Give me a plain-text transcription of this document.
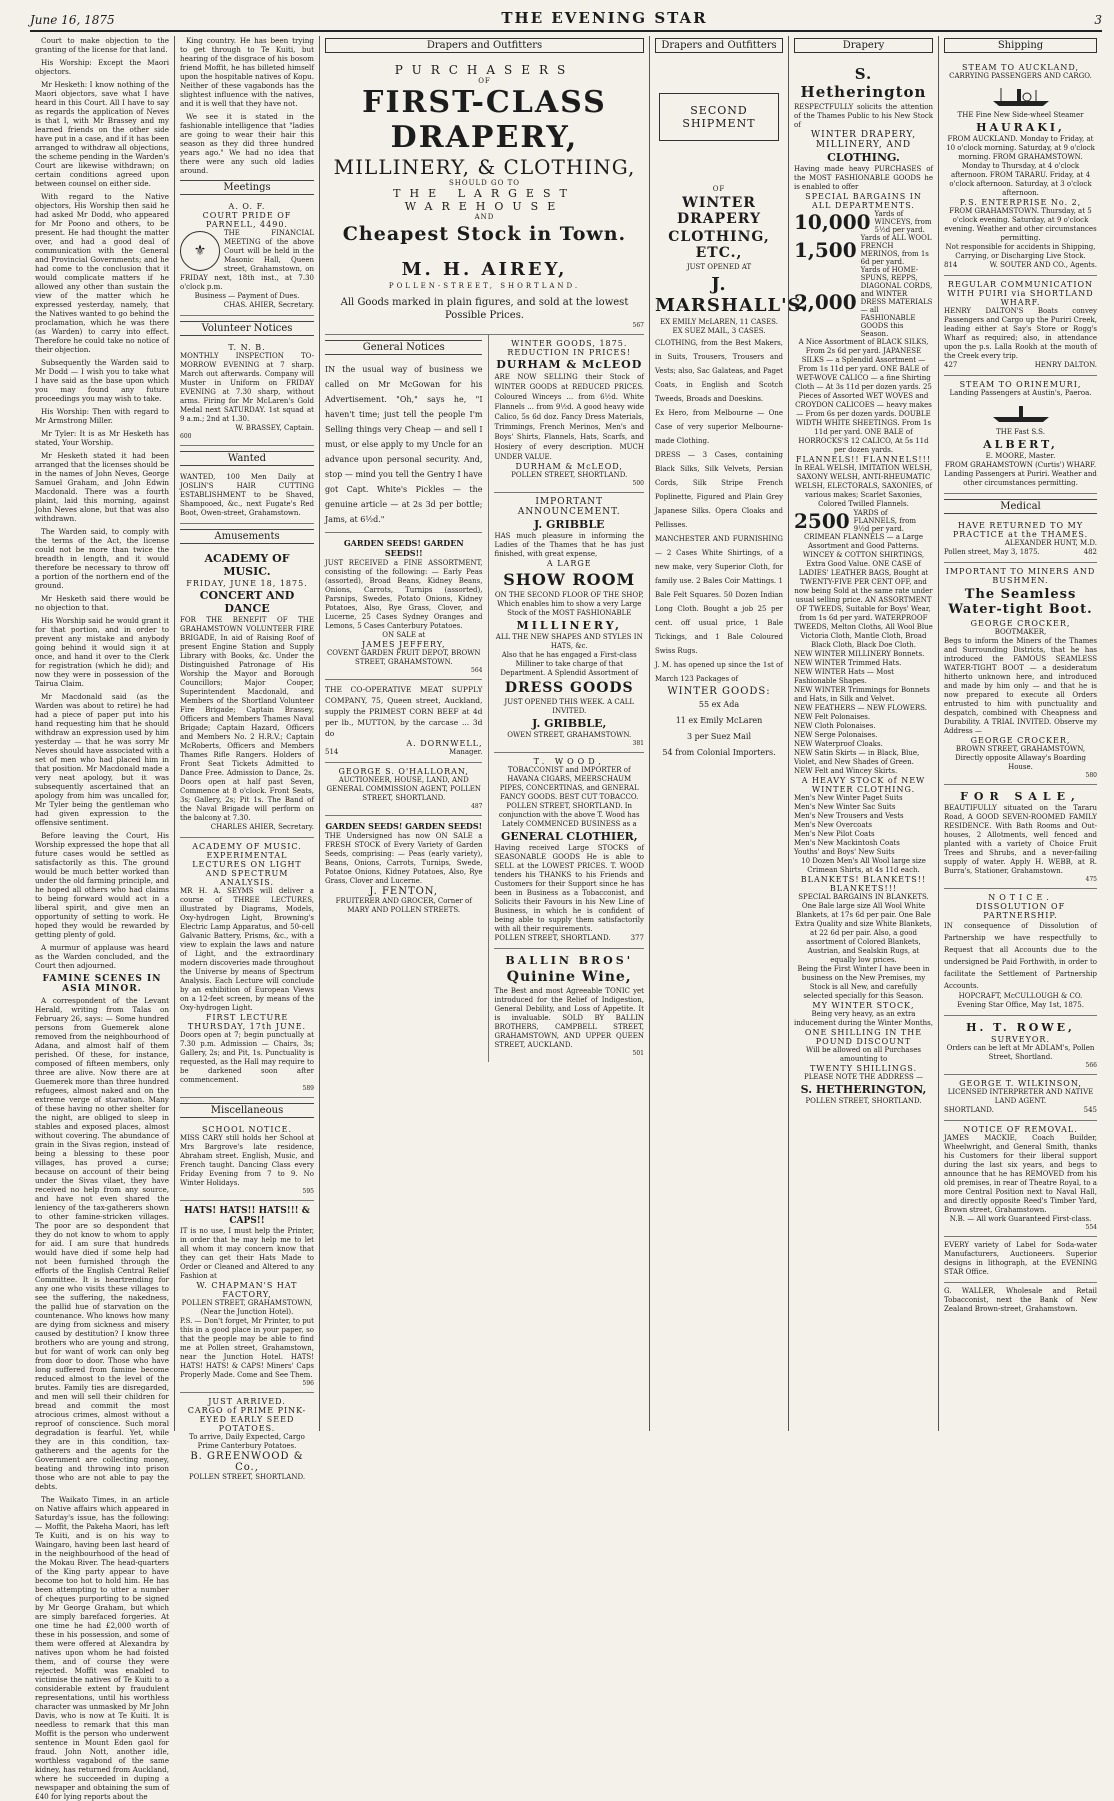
June 16, 1875	THE EVENING STAR	3

Court to make objection to the granting of the license for that land.

His Worship: Except the Maori objectors.

Mr Hesketh: I know nothing of the Maori objectors, save what I have heard in this Court. All I have to say as regards the application of Neves is that I, with Mr Brassey and my learned friends on the other side have put in a case, and if it has been arranged to withdraw all objections, the scheme pending in the Warden's Court are likewise withdrawn; on certain conditions agreed upon between counsel on either side.

With regard to the Native objectors, His Worship then said he had asked Mr Dodd, who appeared for Mr Poono and others, to be present. He had thought the matter over, and had a good deal of communication with the General and Provincial Governments; and he had come to the conclusion that it would complicate matters if he allowed any other than sustain the view of the matter which he expressed yesterday, namely, that the Natives wanted to go behind the proclamation, which he was there (as Warden) to carry into effect. Therefore he could take no notice of their objection.

Subsequently the Warden said to Mr Dodd — I wish you to take what I have said as the base upon which you may found any future proceedings you may wish to take.

His Worship: Then with regard to Mr Armstrong Miller.

Mr Tyler: It is as Mr Hesketh has stated, Your Worship.

Mr Hesketh stated it had been arranged that the licenses should be in the names of John Neves, George Samuel Graham, and John Edwin Macdonald. There was a fourth plaint, laid this morning, against John Neves alone, but that was also withdrawn.

The Warden said, to comply with the terms of the Act, the license could not be more than twice the breadth in length, and it would therefore be necessary to throw off a portion of the northern end of the ground.

Mr Hesketh said there would be no objection to that.

His Worship said he would grant it for that portion, and in order to prevent any mistake and anybody going behind it would sign it at once, and hand it over to the Clerk for registration (which he did); and now they were in possession of the Tairua Claim.

Mr Macdonald said (as the Warden was about to retire) he had had a piece of paper put into his hand requesting him that he should withdraw an expression used by him yesterday — that he was sorry Mr Neves should have associated with a set of men who had placed him in that position. Mr Macdonald made a very neat apology, but it was subsequently ascertained that an apology from him was uncalled for, Mr Tyler being the gentleman who had given expression to the offensive sentiment.

Before leaving the Court, His Worship expressed the hope that all future cases would be settled as satisfactorily as this. The ground would be much better worked than under the old farming principle, and he hoped all others who had claims to being forward would act in a liberal spirit, and give men an opportunity of setting to work. He hoped they would be rewarded by getting plenty of gold.

A murmur of applause was heard as the Warden concluded, and the Court then adjourned.

FAMINE SCENES IN ASIA MINOR.

A correspondent of the Levant Herald, writing from Talas on February 26, says: — Some hundred persons from Guemerek alone removed from the neighbourhood of Adana, and almost half of them perished. Of these, for instance, composed of fifteen members, only three are alive. Now there are at Guemerek more than three hundred refugees, almost naked and on the extreme verge of starvation. Many of these having no other shelter for the night, are obliged to sleep in stables and exposed places, almost without covering. The abundance of grain in the Sivas region, instead of being a blessing to these poor villages, has proved a curse; because on account of their being under the Sivas vilaet, they have received no help from any source, and have not even shared the leniency of the tax-gatherers shown to other famine-stricken villages. The poor are so despondent that they do not know to whom to apply for aid. I am sure that hundreds would have died if some help had not been furnished through the efforts of the English Central Relief Committee. It is heartrending for any one who visits these villages to see the suffering, the nakedness, the pallid hue of starvation on the countenance. Who knows how many are dying from sickness and misery caused by destitution? I know three brothers who are young and strong, but for want of work can only beg from door to door. Those who have long suffered from famine become reduced almost to the level of the brutes. Family ties are disregarded, and men will sell their children for bread and commit the most atrocious crimes, almost without a reproof of conscience. Such moral degradation is fearful. Yet, while they are in this condition, tax-gatherers and the agents for the Government are collecting money, beating and throwing into prison those who are not able to pay the debts.

The Waikato Times, in an article on Native affairs which appeared in Saturday's issue, has the following: — Moffit, the Pakeha Maori, has left Te Kuiti, and is on his way to Waingaro, having been last heard of in the neighbourhood of the head of the Mokau River. The head-quarters of the King party appear to have become too hot to hold him. He has been attempting to utter a number of cheques purporting to be signed by Mr George Graham, but which are simply barefaced forgeries. At one time he had £2,000 worth of these in his possession, and some of them were offered at Alexandra by natives upon whom he had foisted them, and of course they were rejected. Moffit was enabled to victimise the natives of Te Kuiti to a considerable extent by fraudulent representations, until his worthless character was unmasked by Mr John Davis, who is now at Te Kuiti. It is needless to remark that this man Moffit is the person who underwent sentence in Mount Eden gaol for fraud. John Nott, another idle, worthless vagabond of the same kidney, has returned from Auckland, where he succeeded in duping a newspaper and obtaining the sum of £40 for lying reports about the

King country. He has been trying to get through to Te Kuiti, but hearing of the disgrace of his bosom friend Moffit, he has billeted himself upon the hospitable natives of Kopu. Neither of these vagabonds has the slightest influence with the natives, and it is well that they have not.

We see it is stated in the fashionable intelligence that "ladies are going to wear their hair this season as they did three hundred years ago." We had no idea that there were any such old ladies around.

Meetings
A. O. F.
COURT PRIDE OF PARNELL, 4490.
⚜
THE FINANCIAL MEETING of the above Court will be held in the Masonic Hall, Queen street, Grahamstown, on FRIDAY next, 18th inst., at 7.30 o'clock p.m.
Business — Payment of Dues.
CHAS. AHIER, Secretary.
Volunteer Notices
T. N. B.
MONTHLY INSPECTION TO-MORROW EVENING at 7 sharp. March out afterwards. Company will Muster in Uniform on FRIDAY EVENING at 7.30 sharp, without arms. Firing for Mr McLaren's Gold Medal next SATURDAY. 1st squad at 9 a.m.; 2nd at 1.30.
W. BRASSEY, Captain.
600
Wanted
WANTED, 100 Men Daily at JOSLIN'S HAIR CUTTING ESTABLISHMENT to be Shaved, Shampooed, &c., next Fugate's Red Boot, Owen-street, Grahamstown.
Amusements
ACADEMY OF MUSIC.
FRIDAY, JUNE 18, 1875.
CONCERT AND DANCE
FOR THE BENEFIT OF THE GRAHAMSTOWN VOLUNTEER FIRE BRIGADE, In aid of Raising Roof of present Engine Station and Supply Library with Books, &c. Under the Distinguished Patronage of His Worship the Mayor and Borough Councillors; Major Cooper, Superintendent Macdonald, and Members of the Shortland Volunteer Fire Brigade; Captain Brassey, Officers and Members Thames Naval Brigade; Captain Hazard, Officers and Members No. 2 H.R.V.; Captain McRoberts, Officers and Members Thames Rifle Rangers. Holders of Front Seat Tickets Admitted to Dance Free. Admission to Dance, 2s. Doors open at half past Seven, Commence at 8 o'clock. Front Seats, 3s; Gallery, 2s; Pit 1s. The Band of the Naval Brigade will perform on the balcony at 7.30.
CHARLES AHIER, Secretary.
ACADEMY OF MUSIC.
EXPERIMENTAL LECTURES ON LIGHT AND SPECTRUM ANALYSIS.
MR H. A. SEYMS will deliver a course of THREE LECTURES, illustrated by Diagrams, Models, Oxy-hydrogen Light, Browning's Electric Lamp Apparatus, and 50-cell Galvanic Battery, Prisms, &c., with a view to explain the laws and nature of Light, and the extraordinary modern discoveries made throughout the Universe by means of Spectrum Analysis. Each Lecture will conclude by an exhibition of European Views on a 12-feet screen, by means of the Oxy-hydrogen Light.
FIRST LECTURE THURSDAY, 17th JUNE.
Doors open at 7; begin punctually at 7.30 p.m. Admission — Chairs, 3s; Gallery, 2s; and Pit, 1s. Punctuality is requested, as the Hall may require to be darkened soon after commencement.
589
Miscellaneous
SCHOOL NOTICE.
MISS CARY still holds her School at Mrs Bargrove's late residence, Abraham street. English, Music, and French taught. Dancing Class every Friday Evening from 7 to 9. No Winter Holidays.
595
HATS! HATS!! HATS!!! & CAPS!!
IT is no use, I must help the Printer, in order that he may help me to let all whom it may concern know that they can get their Hats Made to Order or Cleaned and Altered to any Fashion at
W. CHAPMAN'S HAT FACTORY,
POLLEN STREET, GRAHAMSTOWN, (Near the Junction Hotel).
P.S. — Don't forget, Mr Printer, to put this in a good place in your paper, so that the people may be able to find me at Pollen street, Grahamstown, near the Junction Hotel. HATS! HATS! HATS! & CAPS! Miners' Caps Properly Made. Come and See Them.
596
JUST ARRIVED.
CARGO of PRIME PINK-EYED EARLY SEED POTATOES.
To arrive, Daily Expected, Cargo Prime Canterbury Potatoes.
B. GREENWOOD & Co.,
POLLEN STREET, SHORTLAND.
Drapers and Outfitters
PURCHASERS
OF
FIRST-CLASS DRAPERY,
MILLINERY, & CLOTHING,
SHOULD GO TO
THE LARGEST WAREHOUSE
AND
Cheapest Stock in Town.
M. H. AIREY,
POLLEN-STREET, SHORTLAND.
All Goods marked in plain figures, and sold at the lowest Possible Prices.
567
General Notices
IN the usual way of business we called on Mr McGowan for his Advertisement. "Oh," says he, "I haven't time; just tell the people I'm Selling things very Cheap — and sell I must, or else apply to my Uncle for an advance upon personal security. And, stop — mind you tell the Gentry I have got Capt. White's Pickles — the genuine article — at 2s 3d per bottle; Jams, at 6½d."
GARDEN SEEDS! GARDEN SEEDS!!
JUST RECEIVED a FINE ASSORTMENT, consisting of the following: — Early Peas (assorted), Broad Beans, Kidney Beans, Onions, Carrots, Turnips (assorted), Parsnips, Swedes, Potato Onions, Kidney Potatoes, Also, Rye Grass, Clover, and Lucerne, 25 Cases Sydney Oranges and Lemons, 5 Cases Canterbury Potatoes.
ON SALE at
JAMES JEFFERY,
COVENT GARDEN FRUIT DEPOT, BROWN STREET, GRAHAMSTOWN.
564
THE CO-OPERATIVE MEAT SUPPLY COMPANY, 75, Queen street, Auckland, supply the PRIMEST CORN BEEF at 4d per lb., MUTTON, by the carcase ... 3d do
A. DORNWELL,
514	Manager.
GEORGE S. O'HALLORAN,
AUCTIONEER, HOUSE, LAND, AND GENERAL COMMISSION AGENT, POLLEN STREET, SHORTLAND.
487
GARDEN SEEDS! GARDEN SEEDS!
THE Undersigned has now ON SALE a FRESH STOCK of Every Variety of Garden Seeds, comprising: — Peas (early variety), Beans, Onions, Carrots, Turnips, Swede, Potatoe Onions, Kidney Potatoes, Also, Rye Grass, Clover and Lucerne.
J. FENTON,
FRUITERER AND GROCER, Corner of MARY AND POLLEN STREETS.
WINTER GOODS, 1875.
REDUCTION IN PRICES!
DURHAM & McLEOD
ARE NOW SELLING their Stock of WINTER GOODS at REDUCED PRICES. Coloured Winceys ... from 6½d. White Flannels ... from 9½d. A good heavy wide Calico, 5s 6d doz. Fancy Dress Materials, Trimmings, French Merinos, Men's and Boys' Shirts, Flannels, Hats, Scarfs, and Hosiery of every description. MUCH UNDER VALUE.
DURHAM & McLEOD,
POLLEN STREET, SHORTLAND.
500
IMPORTANT ANNOUNCEMENT.
J. GRIBBLE
HAS much pleasure in informing the Ladies of the Thames that he has just finished, with great expense,
A LARGE
SHOW ROOM
ON THE SECOND FLOOR OF THE SHOP, Which enables him to show a very Large Stock of the MOST FASHIONABLE
MILLINERY,
ALL THE NEW SHAPES AND STYLES IN HATS, &c.
Also that he has engaged a First-class Milliner to take charge of that Department. A Splendid Assortment of
DRESS GOODS
JUST OPENED THIS WEEK. A CALL INVITED.
J. GRIBBLE,
OWEN STREET, GRAHAMSTOWN.
381
T. WOOD,
TOBACCONIST and IMPORTER of HAVANA CIGARS, MEERSCHAUM PIPES, CONCERTINAS, and GENERAL FANCY GOODS. BEST CUT TOBACCO. POLLEN STREET, SHORTLAND. In conjunction with the above T. Wood has Lately COMMENCED BUSINESS as a
GENERAL CLOTHIER,
Having received Large STOCKS of SEASONABLE GOODS He is able to SELL at the LOWEST PRICES. T. WOOD tenders his THANKS to his Friends and Customers for their Support since he has been in Business as a Tobacconist, and Solicits their Favours in his New Line of Business, in which he is confident of being able to supply them satisfactorily with all their requirements.
POLLEN STREET, SHORTLAND.	377
BALLIN BROS'
Quinine Wine,
The Best and most Agreeable TONIC yet introduced for the Relief of Indigestion, General Debility, and Loss of Appetite. It is invaluable. SOLD BY BALLIN BROTHERS, CAMPBELL STREET, GRAHAMSTOWN, AND UPPER QUEEN STREET, AUCKLAND.
501
Drapers and Outfitters
SECOND SHIPMENT
OF
WINTER DRAPERY
CLOTHING, ETC.,
JUST OPENED AT
J. MARSHALL'S.
EX EMILY McLAREN, 11 CASES.
EX SUEZ MAIL, 3 CASES.
CLOTHING, from the Best Makers, in Suits, Trousers, Trousers and Vests; also, Sac Galateas, and Paget Coats, in English and Scotch Tweeds, Broads and Doeskins.
Ex Hero, from Melbourne — One Case of very superior Melbourne-made Clothing.
DRESS — 3 Cases, containing Black Silks, Silk Velvets, Persian Cords, Silk Stripe French Poplinette, Figured and Plain Grey Japanese Silks. Opera Cloaks and Pellisses.
MANCHESTER AND FURNISHING — 2 Cases White Shirtings, of a new make, very Superior Cloth, for family use. 2 Bales Coir Mattings. 1 Bale Felt Squares. 50 Dozen Indian Long Cloth. Bought a job 25 per cent. off usual price, 1 Bale Tickings, and 1 Bale Coloured Swiss Rugs.
J. M. has opened up since the 1st of March 123 Packages of
WINTER GOODS:
55 ex Ada
11 ex Emily McLaren
3 per Suez Mail
54 from Colonial Importers.
Drapery
S. Hetherington
RESPECTFULLY solicits the attention of the Thames Public to his New Stock of
WINTER DRAPERY, MILLINERY, AND
CLOTHING.
Having made heavy PURCHASES of the MOST FASHIONABLE GOODS he is enabled to offer
SPECIAL BARGAINS IN ALL DEPARTMENTS.
10,000 Yards of WINCEYS, from 5½d per yard.
1,500 Yards of ALL WOOL FRENCH MERINOS, from 1s 6d per yard.
2,000
Yards of HOME-SPUNS, REPPS, DIAGONAL CORDS, and WINTER DRESS MATERIALS — all FASHIONABLE GOODS this Season.
A Nice Assortment of BLACK SILKS, From 2s 6d per yard. JAPANESE SILKS — a Splendid Assortment — From 1s 11d per yard. ONE BALE of WET-WOVE CALICO — a fine Shirting Cloth — At 3s 11d per dozen yards. 25 Pieces of Assorted WET WOVES and CROYDON CALICOES — heavy makes — From 6s per dozen yards. DOUBLE WIDTH WHITE SHEETINGS. From 1s 11d per yard. ONE BALE of HORROCKS'S 12 CALICO, At 5s 11d per dozen yards.
FLANNELS!! FLANNELS!!!
In REAL WELSH, IMITATION WELSH, SAXONY WELSH, ANTI-RHEUMATIC WELSH, ELECTORALS, SAXONIES, of various makes; Scarlet Saxonies, Colored Twilled Flannels.
2500 YARDS of FLANNELS, from 9½d per yard.
CRIMEAN FLANNELS — a Large Assortment and Good Patterns. WINCEY & COTTON SHIRTINGS, Extra Good Value. ONE CASE of LADIES' LEATHER BAGS, Bought at TWENTY-FIVE PER CENT OFF, and now being Sold at the same rate under usual selling price. AN ASSORTMENT OF TWEEDS, Suitable for Boys' Wear, from 1s 6d per yard. WATERPROOF TWEEDS, Melton Cloths, All Wool Blue Victoria Cloth, Mantle Cloth, Broad Black Cloth, Black Doe Cloth.
NEW WINTER MILLINERY Bonnets.
NEW WINTER Trimmed Hats.
NEW WINTER Hats — Most Fashionable Shapes.
NEW WINTER Trimmings for Bonnets and Hats, in Silk and Velvet.
NEW FEATHERS — NEW FLOWERS.
NEW Felt Polonaises.
NEW Cloth Polonaises.
NEW Serge Polonaises.
NEW Waterproof Cloaks.
NEW Satin Skirts — in Black, Blue, Violet, and New Shades of Green.
NEW Felt and Wincey Skirts.
A HEAVY STOCK of NEW WINTER CLOTHING.
Men's New Winter Paget Suits
Men's New Winter Sac Suits
Men's New Trousers and Vests
Men's New Overcoats
Men's New Pilot Coats
Men's New Mackintosh Coats
Youths' and Boys' New Suits
10 Dozen Men's All Wool large size Crimean Shirts, at 4s 11d each.
BLANKETS! BLANKETS!! BLANKETS!!!
SPECIAL BARGAINS IN BLANKETS. One Bale large size All Wool White Blankets, at 17s 6d per pair. One Bale Extra Quality and size White Blankets, at 22 6d per pair. Also, a good assortment of Colored Blankets, Austrian, and Sealskin Rugs, at equally low prices.
Being the First Winter I have been in business on the New Premises, my Stock is all New, and carefully selected specially for this Season.
MY WINTER STOCK,
Being very heavy, as an extra inducement during the Winter Months,
ONE SHILLING IN THE POUND DISCOUNT
Will be allowed on all Purchases amounting to
TWENTY SHILLINGS.
PLEASE NOTE THE ADDRESS —
S. HETHERINGTON,
POLLEN STREET, SHORTLAND.
Shipping
STEAM TO AUCKLAND,
CARRYING PASSENGERS AND CARGO.
THE Fine New Side-wheel Steamer
HAURAKI,
FROM AUCKLAND. Monday to Friday, at 10 o'clock morning. Saturday, at 9 o'clock morning. FROM GRAHAMSTOWN. Monday to Thursday, at 4 o'clock afternoon. FROM TARARU. Friday, at 4 o'clock afternoon. Saturday, at 3 o'clock afternoon.
P.S. ENTERPRISE No. 2,
FROM GRAHAMSTOWN. Thursday, at 5 o'clock evening. Saturday, at 9 o'clock evening. Weather and other circumstances permitting.
Not responsible for accidents in Shipping, Carrying, or Discharging Live Stock.
814	W. SOUTER AND CO., Agents.
REGULAR COMMUNICATION WITH PUIRI via SHORTLAND WHARF.
HENRY DALTON'S Boats convey Passengers and Cargo up the Puriri Creek, leading either at Say's Store or Rogg's Wharf as required; also, in attendance upon the p.s. Lalla Rookh at the mouth of the Creek every trip.
427	HENRY DALTON.
STEAM TO ORINEMURI,
Landing Passengers at Austin's, Paeroa.
THE Fast S.S.
ALBERT,
E. MOORE, Master.
FROM GRAHAMSTOWN (Curtis') WHARF.
Landing Passengers at Puriri. Weather and other circumstances permitting.
Medical
HAVE RETURNED TO MY PRACTICE at the THAMES.
ALEXANDER HUNT, M.D.
Pollen street, May 3, 1875.	482
IMPORTANT TO MINERS AND BUSHMEN.
The Seamless Water-tight Boot.
GEORGE CROCKER,
BOOTMAKER,
Begs to inform the Miners of the Thames and Surrounding Districts, that he has introduced the FAMOUS SEAMLESS WATER-TIGHT BOOT — a desideratum hitherto unknown here, and introduced and made by him only — and that he is now prepared to execute all Orders entrusted to him with punctuality and despatch, combined with Cheapness and Durability. A TRIAL INVITED. Observe my Address —
GEORGE CROCKER,
BROWN STREET, GRAHAMSTOWN, Directly opposite Allaway's Boarding House.
580
FOR SALE,
BEAUTIFULLY situated on the Tararu Road, A GOOD SEVEN-ROOMED FAMILY RESIDENCE. With Bath Rooms and Out-houses, 2 Allotments, well fenced and planted with a variety of Choice Fruit Trees and Shrubs, and a never-failing supply of water. Apply H. WEBB, at R. Burra's, Stationer, Grahamstown.
475
NOTICE.
DISSOLUTION OF PARTNERSHIP.
IN consequence of Dissolution of Partnership we have respectfully to Request that all Accounts due to the undersigned be Paid Forthwith, in order to facilitate the Settlement of Partnership Accounts.
HOPCRAFT, McCULLOUGH & CO.
Evening Star Office, May 1st, 1875.
H. T. ROWE,
SURVEYOR.
Orders can be left at Mr ADLAM's, Pollen Street, Shortland.
566
GEORGE T. WILKINSON,
LICENSED INTERPRETER AND NATIVE LAND AGENT.
SHORTLAND.	545
NOTICE OF REMOVAL.
JAMES MACKIE, Coach Builder, Wheelwright, and General Smith, thanks his Customers for their liberal support during the last six years, and begs to announce that he has REMOVED from his old premises, in rear of Theatre Royal, to a more Central Position next to Naval Hall, and directly opposite Reed's Timber Yard, Brown street, Grahamstown.
N.B. — All work Guaranteed First-class.
554
EVERY variety of Label for Soda-water Manufacturers, Auctioneers. Superior designs in lithograph, at the EVENING STAR Office.
G. WALLER, Wholesale and Retail Tobacconist, next the Bank of New Zealand Brown-street, Grahamstown.
